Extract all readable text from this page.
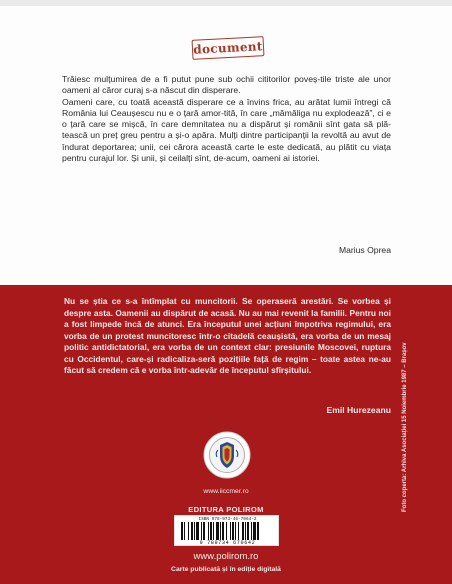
document

Trăiesc mulțumirea de a fi putut pune sub ochii cititorilor poveș-tile triste ale unor oameni al căror curaj s-a născut din disperare.

Oameni care, cu toată această disperare ce a învins frica, au arătat lumii întregi că România lui Ceaușescu nu e o țară amor-tită, în care „mămăliga nu explodează”, ci e o țară care se mișcă, în care demnitatea nu a dispărut și românii sînt gata să plă-tească un preț greu pentru a și-o apăra. Mulți dintre participanții la revoltă au avut de îndurat deportarea; unii, cei cărora această carte le este dedicată, au plătit cu viața pentru curajul lor. Și unii, și ceilalți sînt, de-acum, oameni ai istoriei.

Marius Oprea
Nu se știa ce s-a întîmplat cu muncitorii. Se operaseră arestări. Se vorbea și despre asta. Oamenii au dispărut de acasă. Nu au mai revenit la familii. Pentru noi a fost limpede încă de atunci. Era începutul unei acțiuni împotriva regimului, era vorba de un protest muncitoresc într-o citadelă ceaușistă, era vorba de un mesaj politic antidictatorial, era vorba de un context clar: presiunile Moscovei, ruptura cu Occidentul, care-și radicaliza-seră pozițiile față de regim – toate astea ne-au făcut să credem că e vorba într-adevăr de începutul sfîrșitului.
Emil Hurezeanu Foto coperta: Arhiva Asociației 15 Noiembrie 1987 – Brașov
www.iiccmer.ro
EDITURA POLIROM
ISBN 978-973-46-7064-2
9 789734 670642
www.polirom.ro
Carte publicată și în ediție digitală
